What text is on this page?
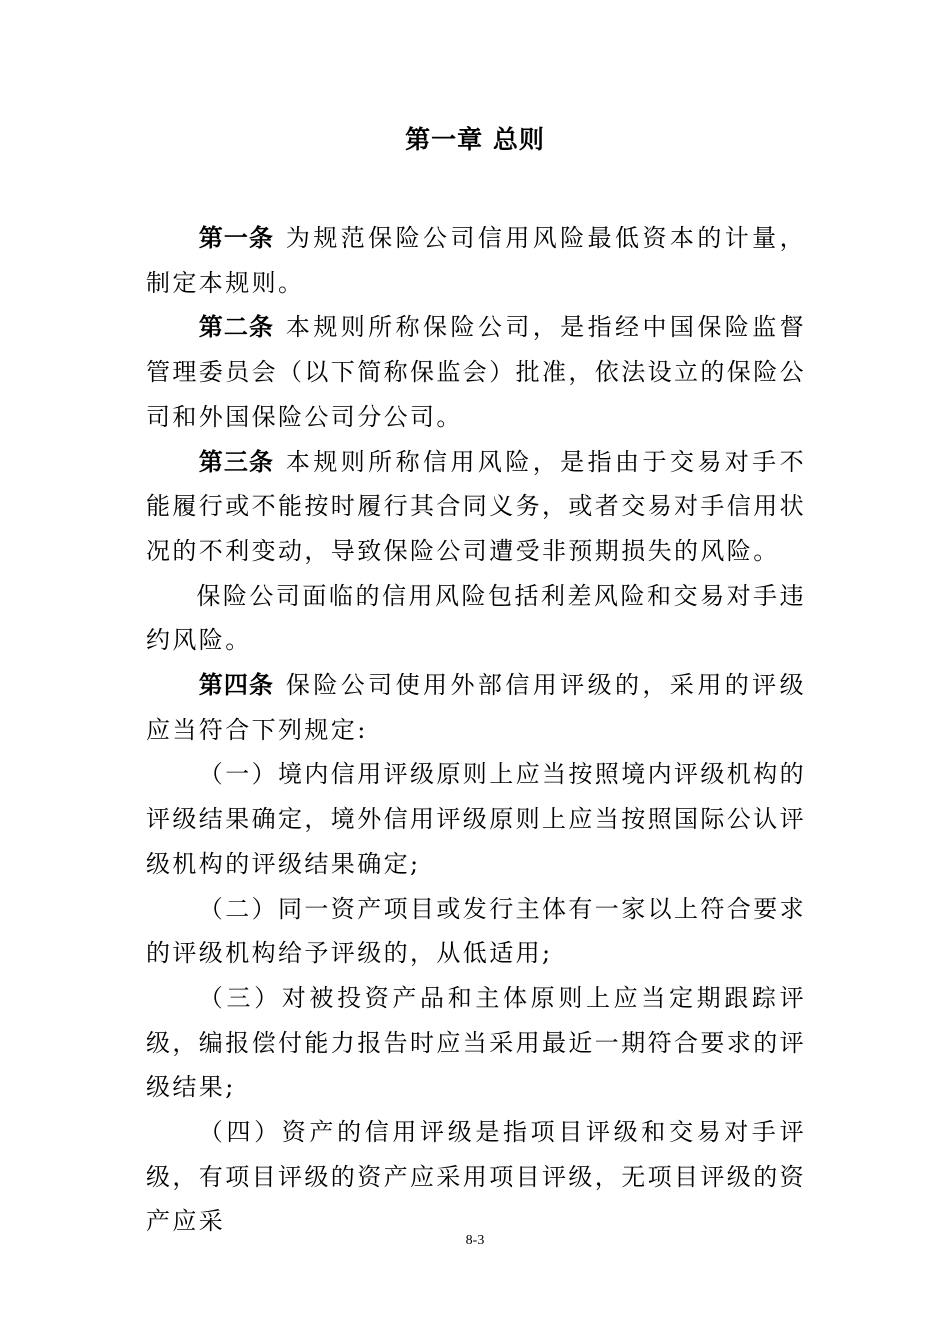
第一章 总则

第一条 为规范保险公司信用风险最低资本的计量，制定本规则。

第二条 本规则所称保险公司，是指经中国保险监督管理委员会（以下简称保监会）批准，依法设立的保险公司和外国保险公司分公司。

第三条 本规则所称信用风险，是指由于交易对手不能履行或不能按时履行其合同义务，或者交易对手信用状况的不利变动，导致保险公司遭受非预期损失的风险。

保险公司面临的信用风险包括利差风险和交易对手违约风险。

第四条 保险公司使用外部信用评级的，采用的评级应当符合下列规定:

（一）境内信用评级原则上应当按照境内评级机构的评级结果确定，境外信用评级原则上应当按照国际公认评级机构的评级结果确定;

（二）同一资产项目或发行主体有一家以上符合要求的评级机构给予评级的，从低适用;

（三）对被投资产品和主体原则上应当定期跟踪评级，编报偿付能力报告时应当采用最近一期符合要求的评级结果;

（四）资产的信用评级是指项目评级和交易对手评级，有项目评级的资产应采用项目评级，无项目评级的资产应采

8-3
